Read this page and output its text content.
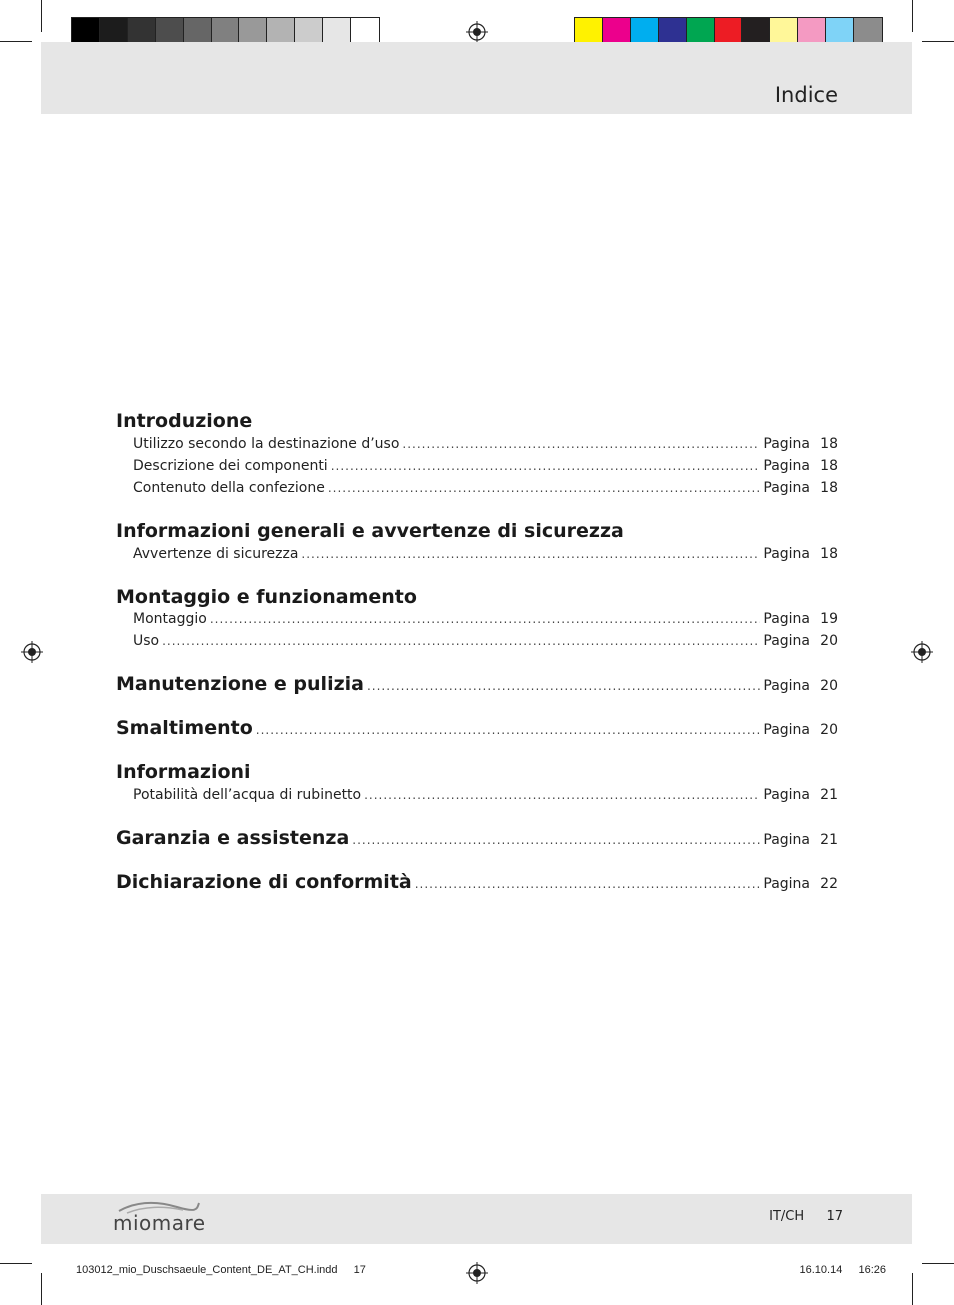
Indice
Introduzione
Utilizzo secondo la destinazione d’uso .....	Pagina 18
Descrizione dei componenti .....	Pagina 18
Contenuto della confezione .....	Pagina 18
Informazioni generali e avvertenze di sicurezza
Avvertenze di sicurezza .....	Pagina 18
Montaggio e funzionamento
Montaggio .....	Pagina 19
Uso .....	Pagina 20
Manutenzione e pulizia .....	Pagina 20
Smaltimento .....	Pagina 20
Informazioni
Potabilità dell’acqua di rubinetto .....	Pagina 21
Garanzia e assistenza .....	Pagina 21
Dichiarazione di conformità .....	Pagina 22
miomare	IT/CH 17
103012_mio_Duschsaeule_Content_DE_AT_CH.indd 17	16.10.14 16:26
